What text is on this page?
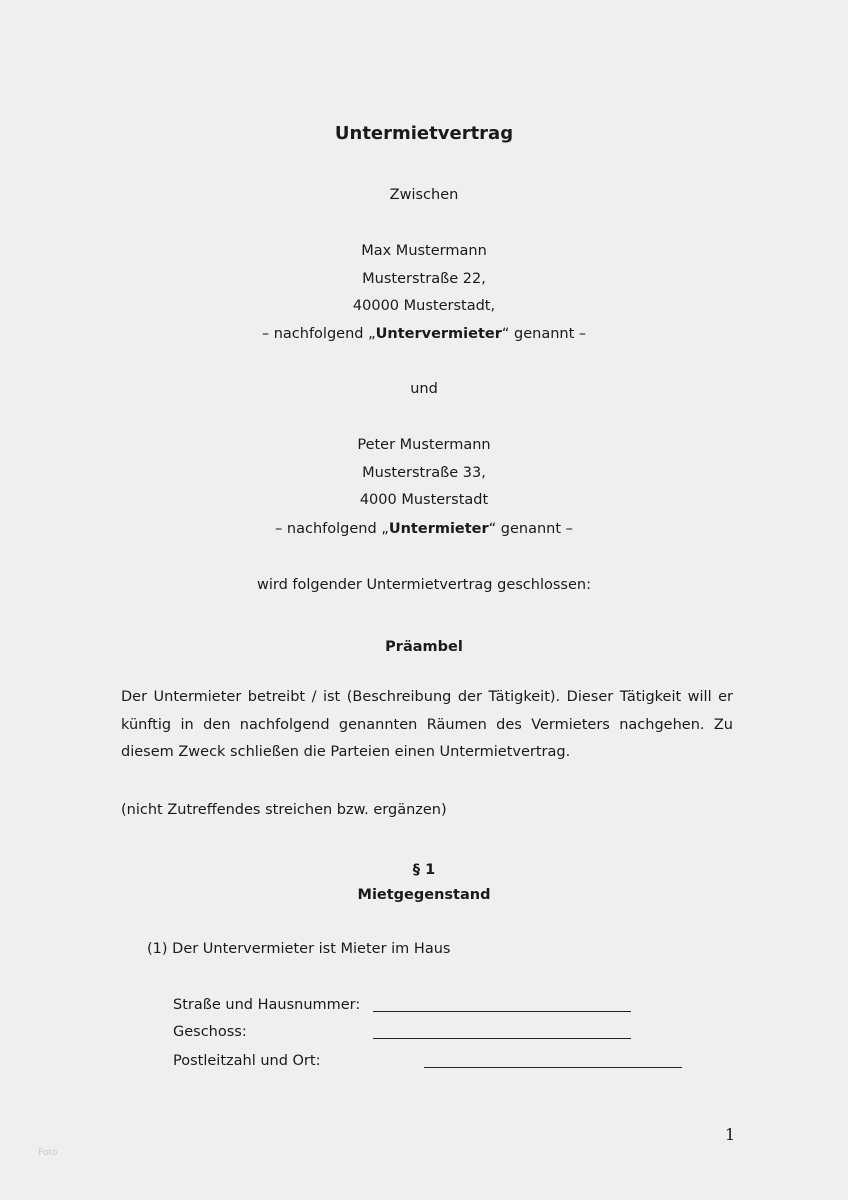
Untermietvertrag
Zwischen
Max Mustermann
Musterstraße 22,
40000 Musterstadt,
– nachfolgend „Untervermieter“ genannt –
und
Peter Mustermann
Musterstraße 33,
4000 Musterstadt
– nachfolgend „Untermieter“ genannt –
wird folgender Untermietvertrag geschlossen:
Präambel
Der Untermieter betreibt / ist (Beschreibung der Tätigkeit). Dieser Tätigkeit will er künftig in den nachfolgend genannten Räumen des Vermieters nachgehen. Zu diesem Zweck schließen die Parteien einen Untermietvertrag.
(nicht Zutreffendes streichen bzw. ergänzen)
§ 1
Mietgegenstand
(1) Der Untervermieter ist Mieter im Haus
Straße und Hausnummer:
Geschoss:
Postleitzahl und Ort:
1
Foto
